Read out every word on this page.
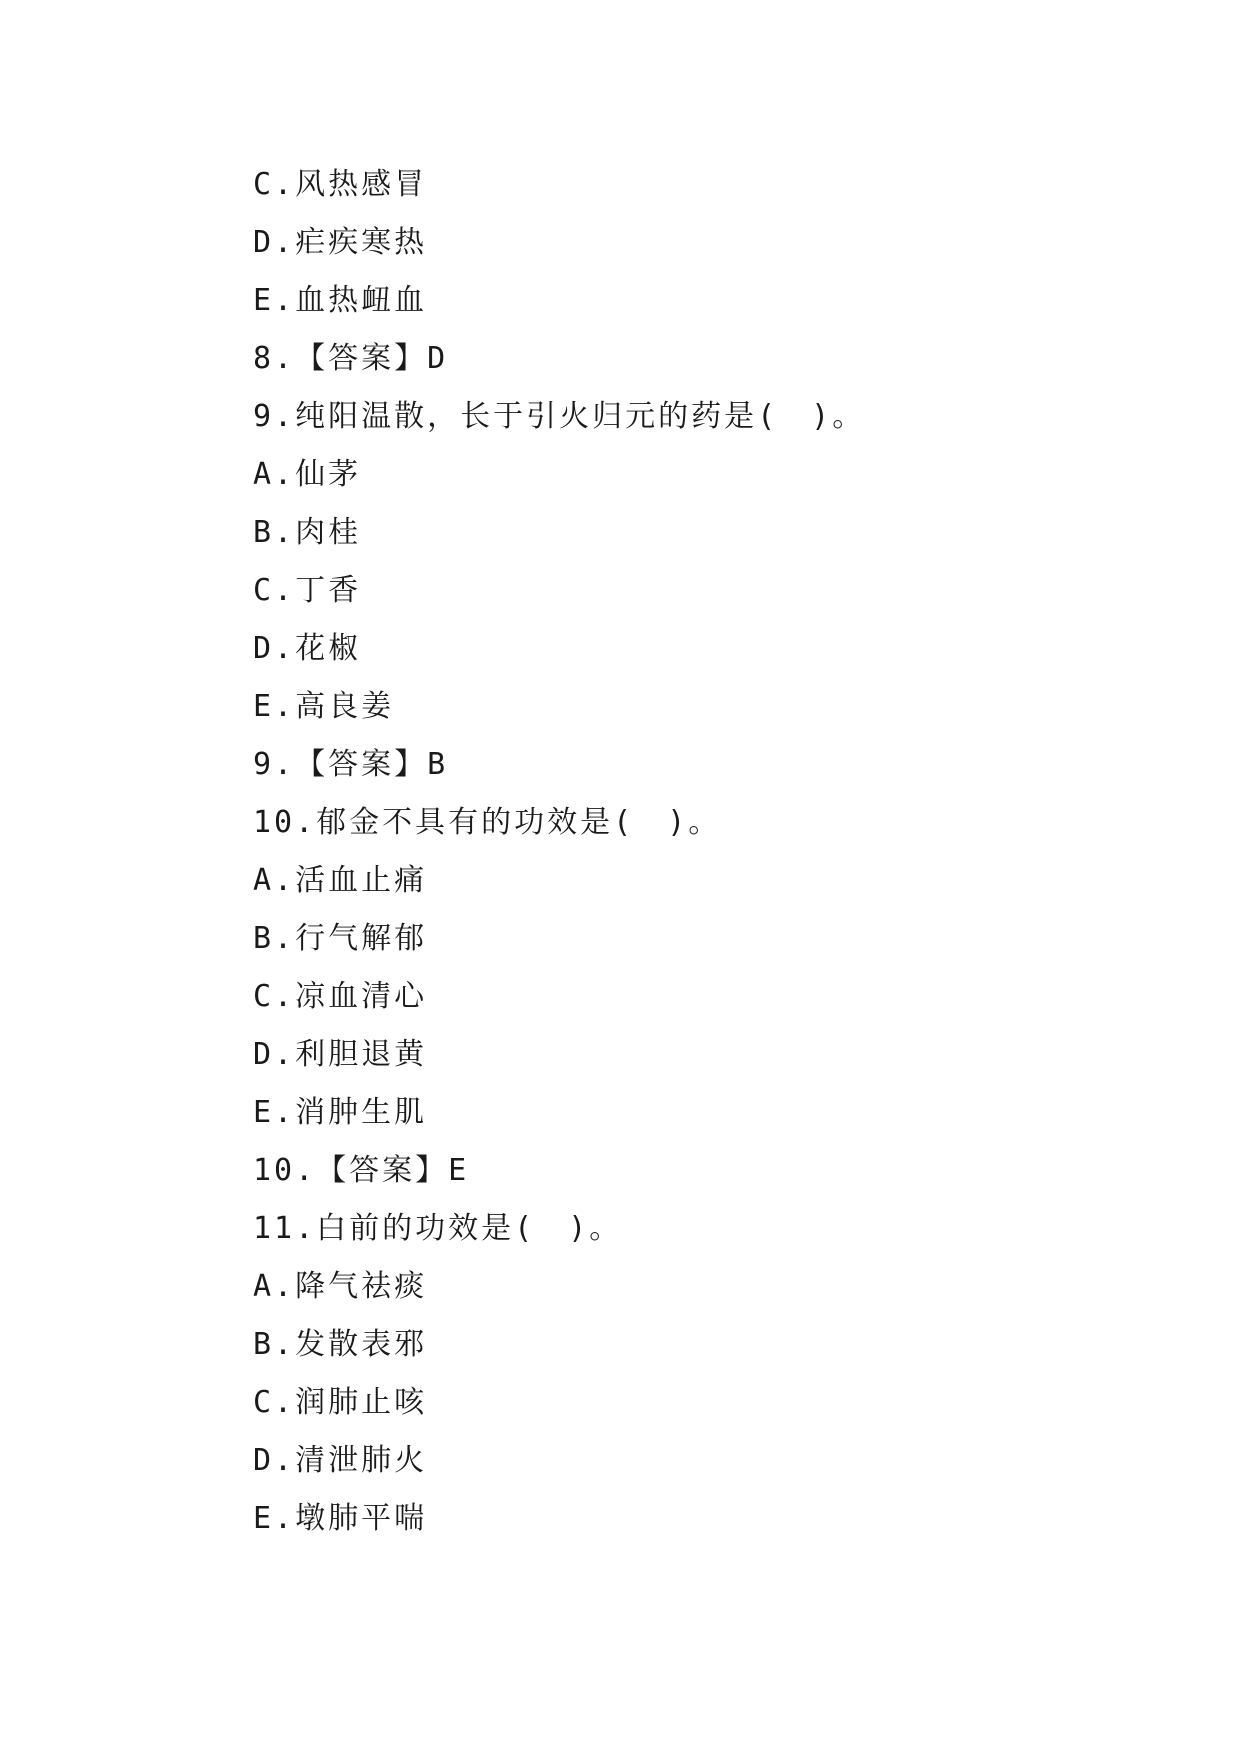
C.风热感冒
D.疟疾寒热
E.血热衄血
8.【答案】D
9.纯阳温散，长于引火归元的药是(　)。
A.仙茅
B.肉桂
C.丁香
D.花椒
E.高良姜
9.【答案】B
10.郁金不具有的功效是(　)。
A.活血止痛
B.行气解郁
C.凉血清心
D.利胆退黄
E.消肿生肌
10.【答案】E
11.白前的功效是(　)。
A.降气祛痰
B.发散表邪
C.润肺止咳
D.清泄肺火
E.墩肺平喘
